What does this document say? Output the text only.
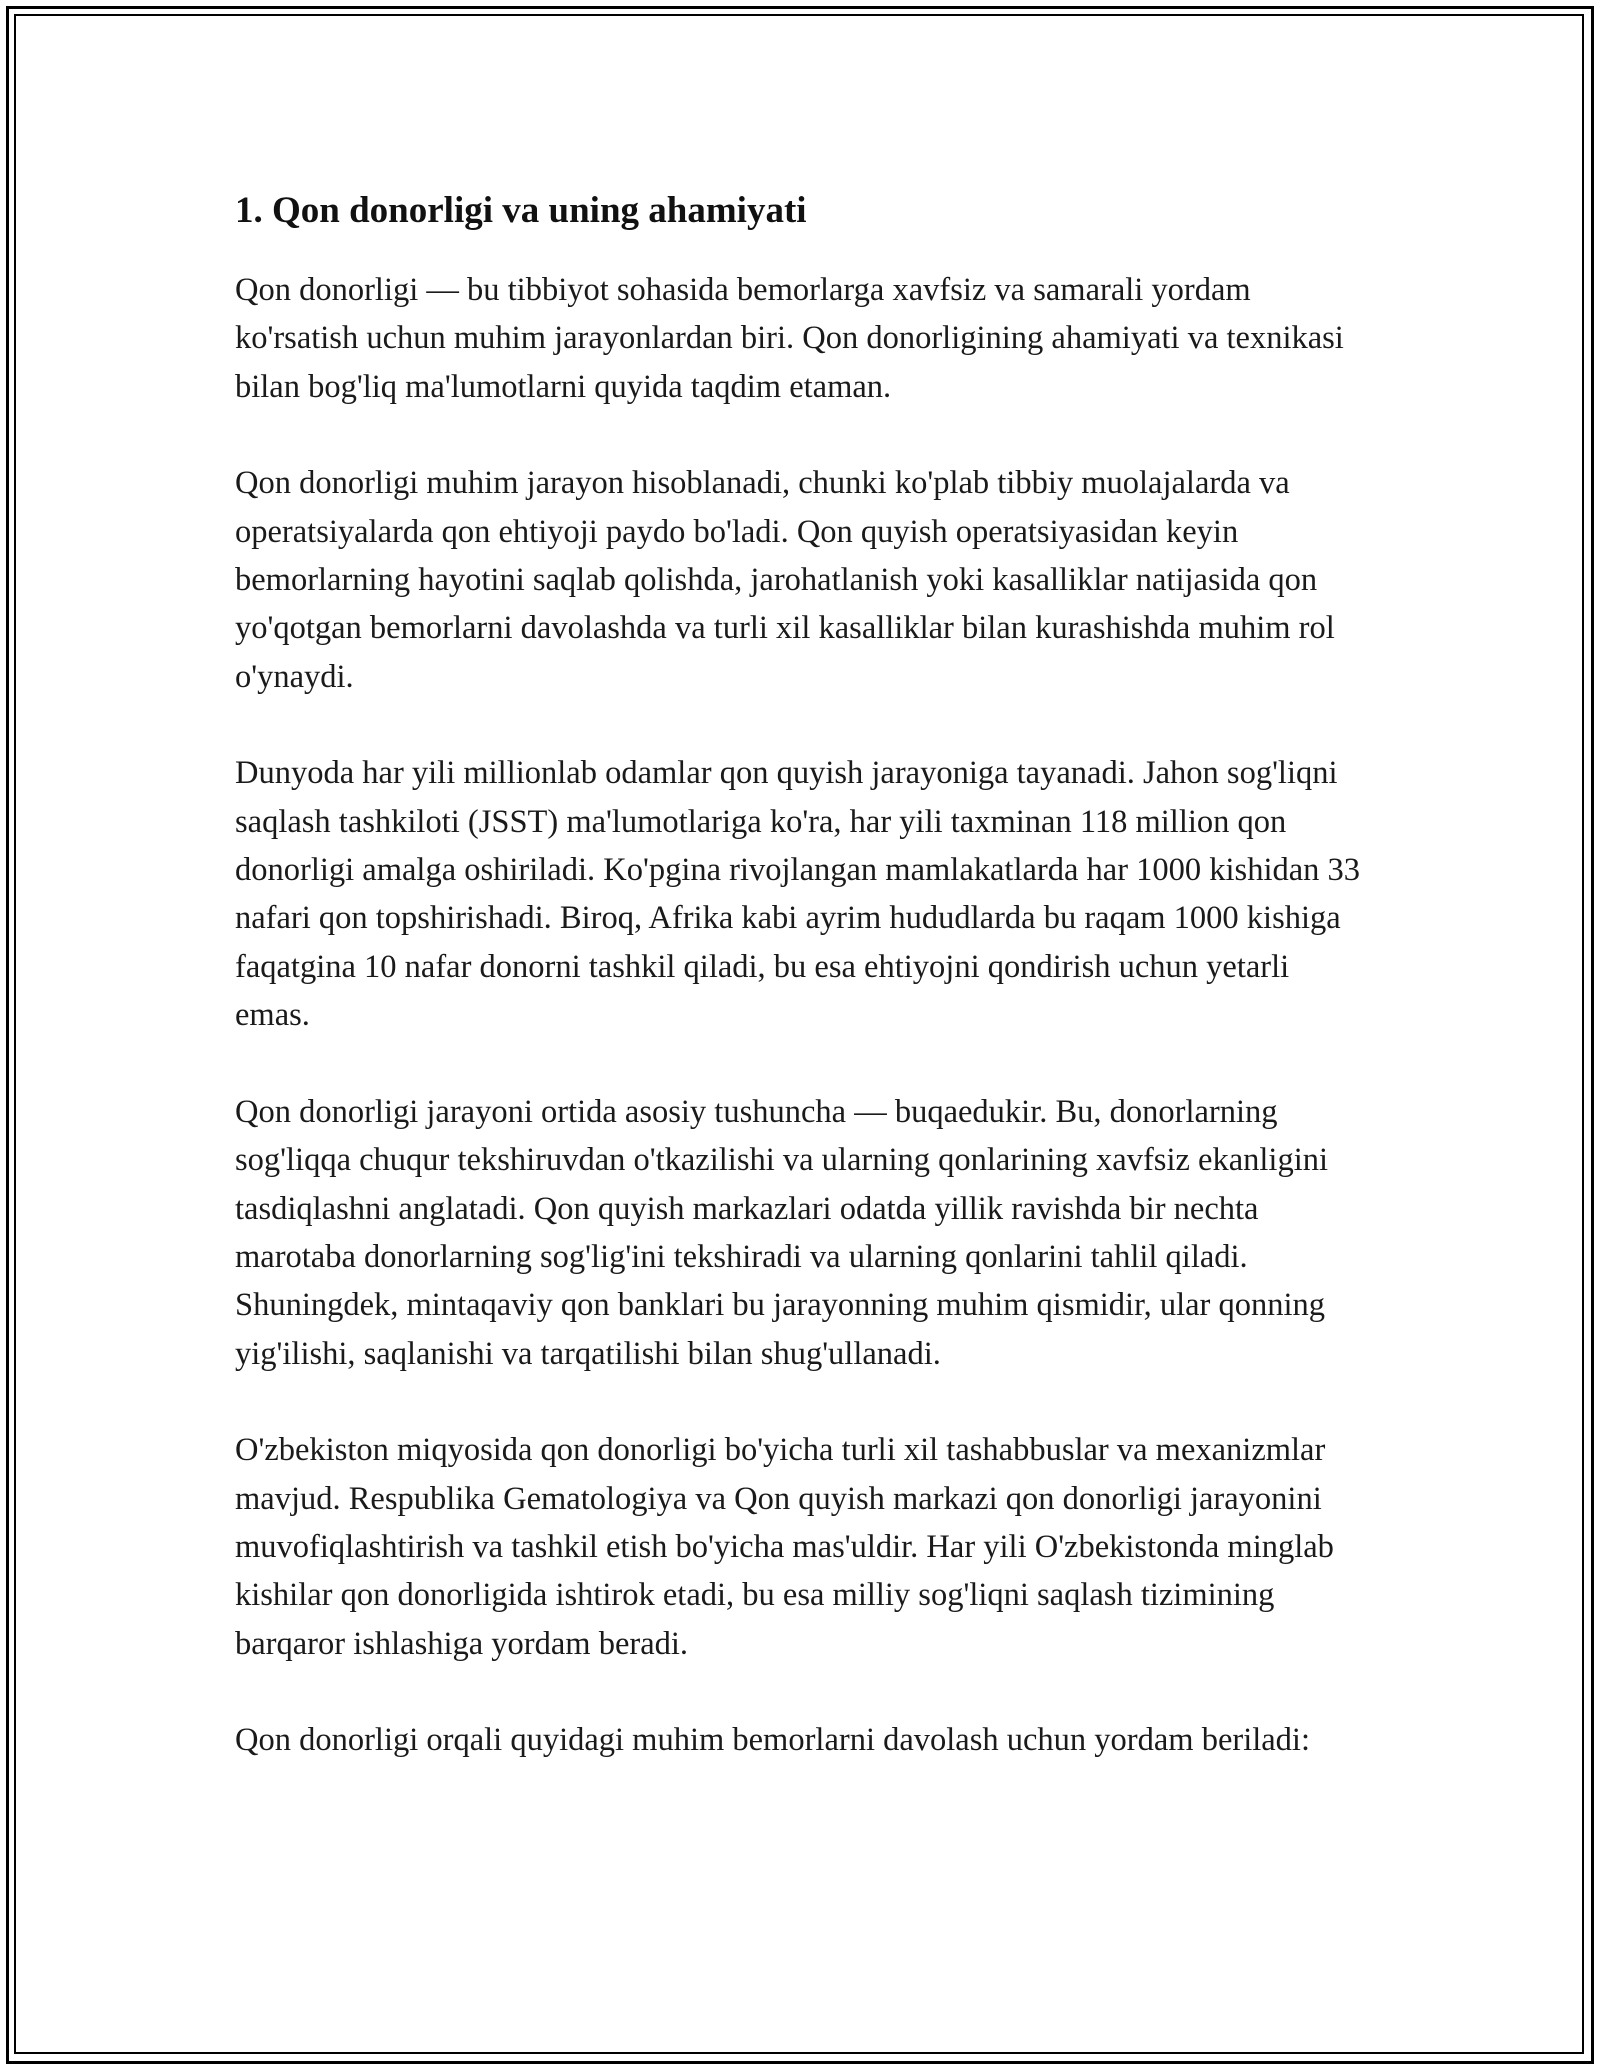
1. Qon donorligi va uning ahamiyati

Qon donorligi — bu tibbiyot sohasida bemorlarga xavfsiz va samarali yordam ko'rsatish uchun muhim jarayonlardan biri. Qon donorligining ahamiyati va texnikasi bilan bog'liq ma'lumotlarni quyida taqdim etaman.

Qon donorligi muhim jarayon hisoblanadi, chunki ko'plab tibbiy muolajalarda va operatsiyalarda qon ehtiyoji paydo bo'ladi. Qon quyish operatsiyasidan keyin bemorlarning hayotini saqlab qolishda, jarohatlanish yoki kasalliklar natijasida qon yo'qotgan bemorlarni davolashda va turli xil kasalliklar bilan kurashishda muhim rol o'ynaydi.

Dunyoda har yili millionlab odamlar qon quyish jarayoniga tayanadi. Jahon sog'liqni saqlash tashkiloti (JSST) ma'lumotlariga ko'ra, har yili taxminan 118 million qon donorligi amalga oshiriladi. Ko'pgina rivojlangan mamlakatlarda har 1000 kishidan 33 nafari qon topshirishadi. Biroq, Afrika kabi ayrim hududlarda bu raqam 1000 kishiga faqatgina 10 nafar donorni tashkil qiladi, bu esa ehtiyojni qondirish uchun yetarli emas.

Qon donorligi jarayoni ortida asosiy tushuncha — buqaedukir. Bu, donorlarning sog'liqqa chuqur tekshiruvdan o'tkazilishi va ularning qonlarining xavfsiz ekanligini tasdiqlashni anglatadi. Qon quyish markazlari odatda yillik ravishda bir nechta marotaba donorlarning sog'lig'ini tekshiradi va ularning qonlarini tahlil qiladi. Shuningdek, mintaqaviy qon banklari bu jarayonning muhim qismidir, ular qonning yig'ilishi, saqlanishi va tarqatilishi bilan shug'ullanadi.

O'zbekiston miqyosida qon donorligi bo'yicha turli xil tashabbuslar va mexanizmlar mavjud. Respublika Gematologiya va Qon quyish markazi qon donorligi jarayonini muvofiqlashtirish va tashkil etish bo'yicha mas'uldir. Har yili O'zbekistonda minglab kishilar qon donorligida ishtirok etadi, bu esa milliy sog'liqni saqlash tizimining barqaror ishlashiga yordam beradi.

Qon donorligi orqali quyidagi muhim bemorlarni davolash uchun yordam beriladi:
